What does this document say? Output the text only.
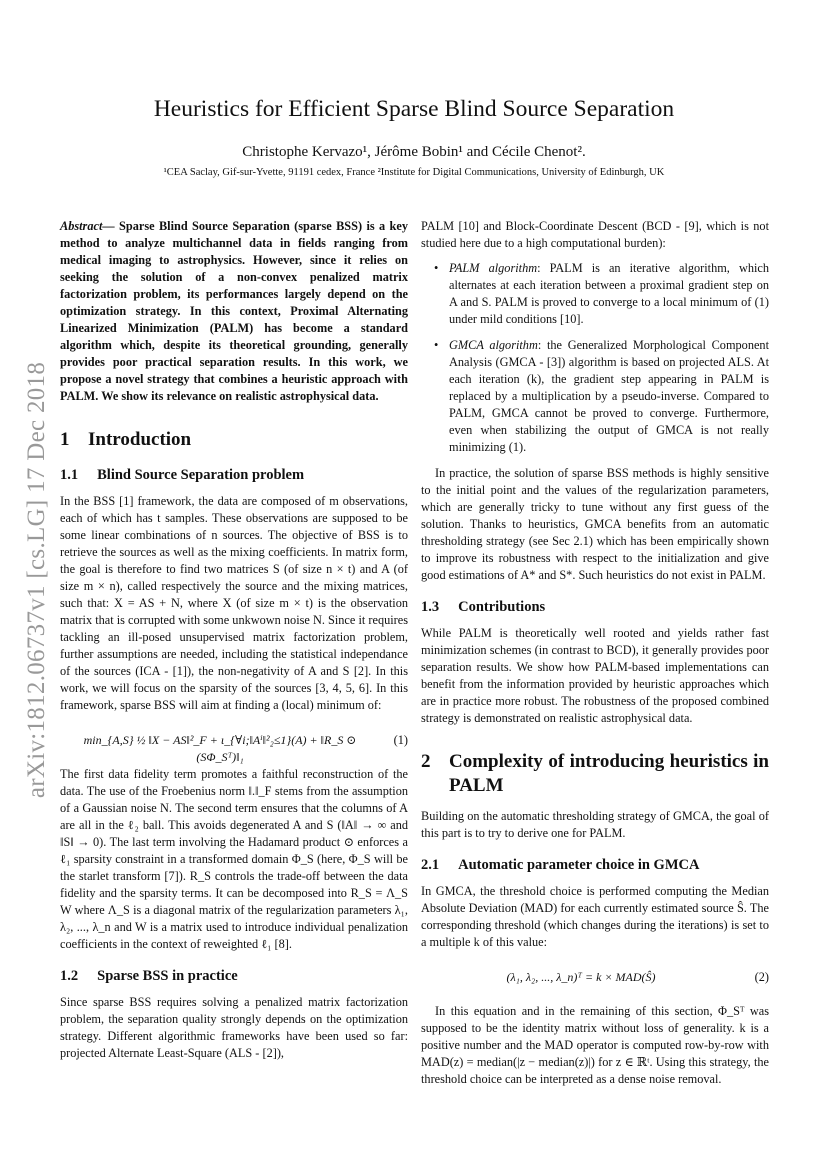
Heuristics for Efficient Sparse Blind Source Separation
Christophe Kervazo¹, Jérôme Bobin¹ and Cécile Chenot².
¹CEA Saclay, Gif-sur-Yvette, 91191 cedex, France ²Institute for Digital Communications, University of Edinburgh, UK
arXiv:1812.06737v1 [cs.LG] 17 Dec 2018

Abstract— Sparse Blind Source Separation (sparse BSS) is a key method to analyze multichannel data in fields ranging from medical imaging to astrophysics. However, since it relies on seeking the solution of a non-convex penalized matrix factorization problem, its performances largely depend on the optimization strategy. In this context, Proximal Alternating Linearized Minimization (PALM) has become a standard algorithm which, despite its theoretical grounding, generally provides poor practical separation results. In this work, we propose a novel strategy that combines a heuristic approach with PALM. We show its relevance on realistic astrophysical data.

1 Introduction
1.1 Blind Source Separation problem

In the BSS [1] framework, the data are composed of m observations, each of which has t samples. These observations are supposed to be some linear combinations of n sources. The objective of BSS is to retrieve the sources as well as the mixing coefficients. In matrix form, the goal is therefore to find two matrices S (of size n × t) and A (of size m × n), called respectively the source and the mixing matrices, such that: X = AS + N, where X (of size m × t) is the observation matrix that is corrupted with some unkwown noise N. Since it requires tackling an ill-posed unsupervised matrix factorization problem, further assumptions are needed, including the statistical independance of the sources (ICA - [1]), the non-negativity of A and S [2]. In this work, we will focus on the sparsity of the sources [3, 4, 5, 6]. In this framework, sparse BSS will aim at finding a (local) minimum of:

min_{A,S} ½ ‖X − AS‖²_F + ι_{∀i;‖Aⁱ‖²₂≤1}(A) + ‖R_S ⊙ (SΦ_Sᵀ)‖₁
(1)

The first data fidelity term promotes a faithful reconstruction of the data. The use of the Froebenius norm ‖.‖_F stems from the assumption of a Gaussian noise N. The second term ensures that the columns of A are all in the ℓ₂ ball. This avoids degenerated A and S (‖A‖ → ∞ and ‖S‖ → 0). The last term involving the Hadamard product ⊙ enforces a ℓ₁ sparsity constraint in a transformed domain Φ_S (here, Φ_S will be the starlet transform [7]). R_S controls the trade-off between the data fidelity and the sparsity terms. It can be decomposed into R_S = Λ_S W where Λ_S is a diagonal matrix of the regularization parameters λ₁, λ₂, ..., λ_n and W is a matrix used to introduce individual penalization coefficients in the context of reweighted ℓ₁ [8].

1.2 Sparse BSS in practice

Since sparse BSS requires solving a penalized matrix factorization problem, the separation quality strongly depends on the optimization strategy. Different algorithmic frameworks have been used so far: projected Alternate Least-Square (ALS - [2]),

PALM [10] and Block-Coordinate Descent (BCD - [9], which is not studied here due to a high computational burden):

• PALM algorithm: PALM is an iterative algorithm, which alternates at each iteration between a proximal gradient step on A and S. PALM is proved to converge to a local minimum of (1) under mild conditions [10].
• GMCA algorithm: the Generalized Morphological Component Analysis (GMCA - [3]) algorithm is based on projected ALS. At each iteration (k), the gradient step appearing in PALM is replaced by a multiplication by a pseudo-inverse. Compared to PALM, GMCA cannot be proved to converge. Furthermore, even when stabilizing the output of GMCA is not really minimizing (1).

In practice, the solution of sparse BSS methods is highly sensitive to the initial point and the values of the regularization parameters, which are generally tricky to tune without any first guess of the solution. Thanks to heuristics, GMCA benefits from an automatic thresholding strategy (see Sec 2.1) which has been empirically shown to improve its robustness with respect to the initialization and give good estimations of A* and S*. Such heuristics do not exist in PALM.

1.3 Contributions

While PALM is theoretically well rooted and yields rather fast minimization schemes (in contrast to BCD), it generally provides poor separation results. We show how PALM-based implementations can benefit from the information provided by heuristic approaches which are in practice more robust. The robustness of the proposed combined strategy is demonstrated on realistic astrophysical data.

2 Complexity of introducing heuristics in PALM

Building on the automatic thresholding strategy of GMCA, the goal of this part is to try to derive one for PALM.

2.1 Automatic parameter choice in GMCA

In GMCA, the threshold choice is performed computing the Median Absolute Deviation (MAD) for each currently estimated source Ŝ. The corresponding threshold (which changes during the iterations) is set to a multiple k of this value:

(λ₁, λ₂, ..., λ_n)ᵀ = k × MAD(Ŝ)	(2)

In this equation and in the remaining of this section, Φ_Sᵀ was supposed to be the identity matrix without loss of generality. k is a positive number and the MAD operator is computed row-by-row with MAD(z) = median(|z − median(z)|) for z ∈ ℝᵗ. Using this strategy, the threshold choice can be interpreted as a dense noise removal.
